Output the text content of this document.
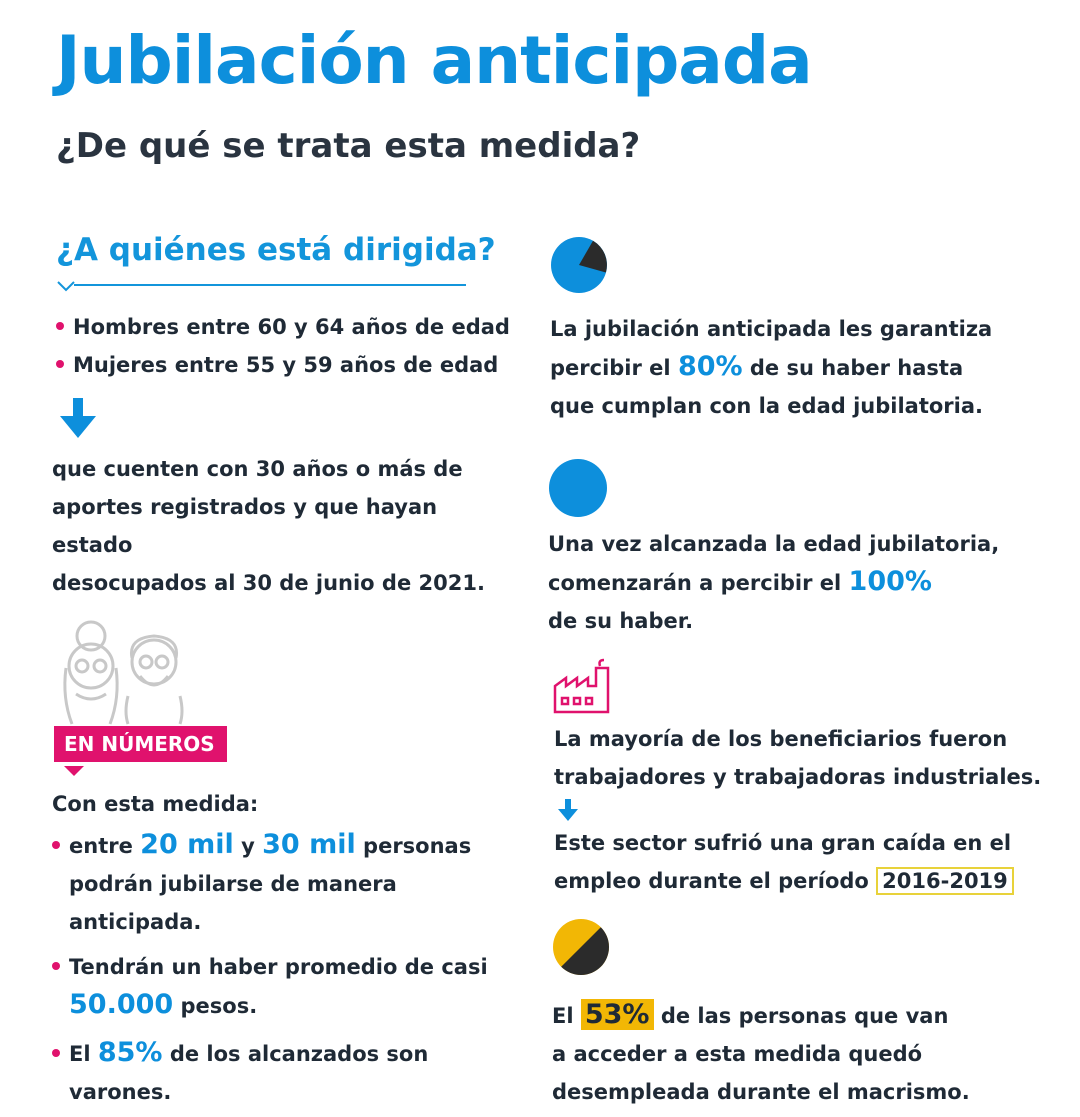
Jubilación anticipada
¿De qué se trata esta medida?
¿A quiénes está dirigida?
Hombres entre 60 y 64 años de edad
Mujeres entre 55 y 59 años de edad
que cuenten con 30 años o más de
aportes registrados y que hayan estado
desocupados al 30 de junio de 2021.
EN NÚMEROS
Con esta medida:
entre 20 mil y 30 mil personas
podrán jubilarse de manera
anticipada.
Tendrán un haber promedio de casi
50.000 pesos.
El 85% de los alcanzados son
varones.
La jubilación anticipada les garantiza
percibir el 80% de su haber hasta
que cumplan con la edad jubilatoria.
Una vez alcanzada la edad jubilatoria,
comenzarán a percibir el 100%
de su haber.
La mayoría de los beneficiarios fueron
trabajadores y trabajadoras industriales.
Este sector sufrió una gran caída en el
empleo durante el período 2016-2019
El 53% de las personas que van
a acceder a esta medida quedó
desempleada durante el macrismo.
